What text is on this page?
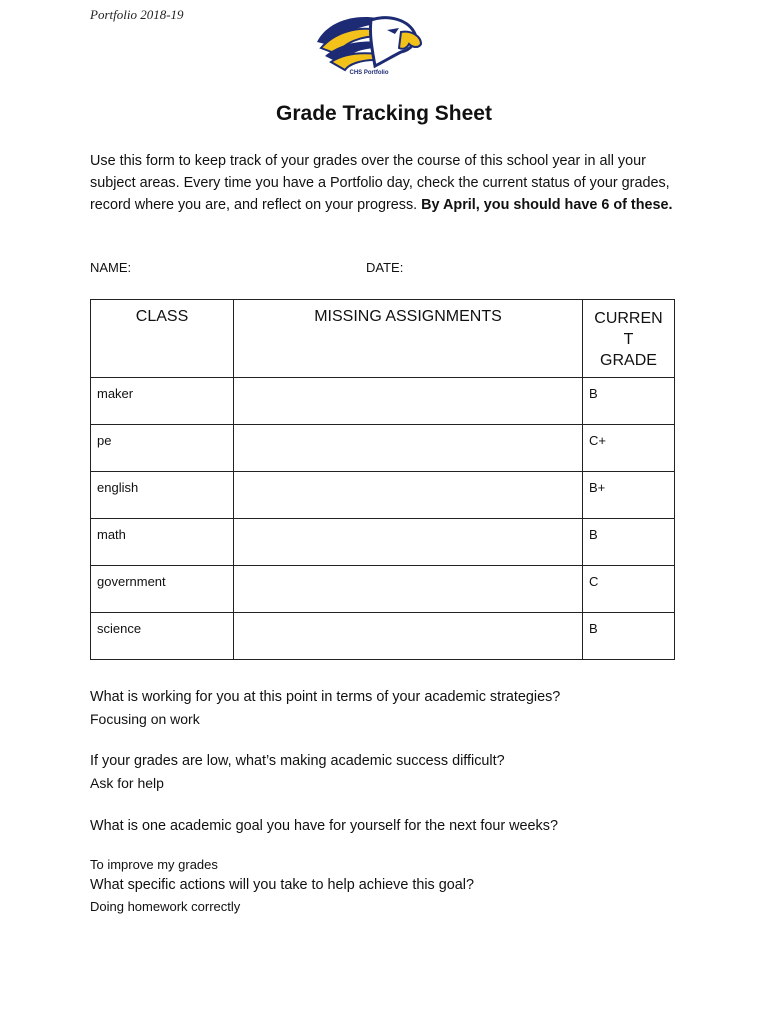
Portfolio 2018-19
CHS Portfolio
Grade Tracking Sheet
Use this form to keep track of your grades over the course of this school year in all your subject areas. Every time you have a Portfolio day, check the current status of your grades, record where you are, and reflect on your progress. By April, you should have 6 of these.
NAME:	DATE:
CLASS	MISSING ASSIGNMENTS	CURREN
T
GRADE

maker		B
pe		C+
english		B+
math		B
government		C
science		B
What is working for you at this point in terms of your academic strategies?
Focusing on work
If your grades are low, what’s making academic success difficult?
Ask for help
What is one academic goal you have for yourself for the next four weeks?
To improve my grades
What specific actions will you take to help achieve this goal?
Doing homework correctly
